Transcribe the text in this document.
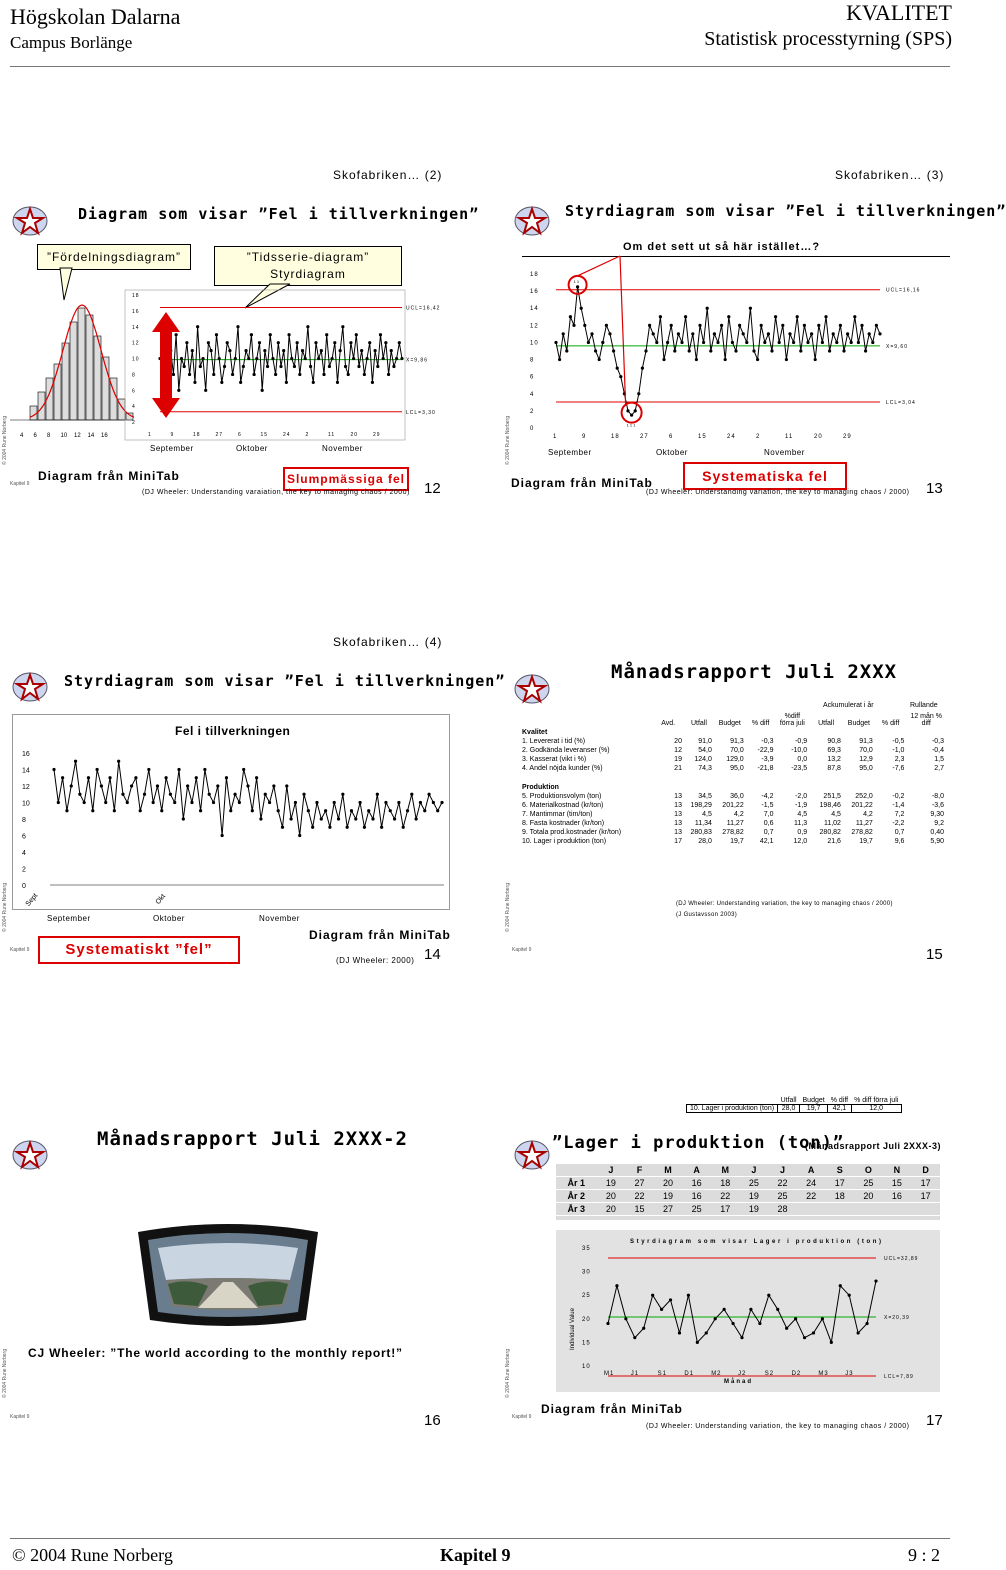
Högskolan Dalarna
Campus Borlänge
KVALITET
Statistisk processtyrning (SPS)
Skofabriken… (2)
Diagram som visar ”Fel i tillverkningen”
”Fördelningsdiagram”	”Tidsserie-diagram”
Styrdiagram
4 6 8 10 12 14 16
18
16
14
12
10
8
6
4
2
1	9	18	27	6	15	24	2	11	20	29
UCL=16,42
X=9,86
LCL=3,30
September	Oktober	November
© 2004 Rune Norberg
Kapitel 9
Diagram från MiniTab	Slumpmässiga fel
(DJ Wheeler: Understanding varaiation, the key to managing chaos / 2000) 12
Skofabriken… (3)
Styrdiagram som visar ”Fel i tillverkningen”
Om det sett ut så här istället…?
18
16
14
12
10
8
6
4
2
0
1	9	18	27	6	15	24	2	11	20	29
UCL=16,16
X=9,60
LCL=3,04
1 1
1 1 1
September	Oktober	November
© 2004 Rune Norberg
Diagram från MiniTab	Systematiska fel
(DJ Wheeler: Understanding variation, the key to managing chaos / 2000) 13
Skofabriken… (4)
Styrdiagram som visar ”Fel i tillverkningen”
Fel i tillverkningen
16
14
12
10
8
6
4
2
0
Sept	Okt
September	Oktober	November
© 2004 Rune Norberg
Kapitel 9
Diagram från MiniTab
Systematiskt ”fel”
(DJ Wheeler: 2000) 14
Månadsrapport Juli 2XXX
Ackumulerat i år	Rullande
	Avd.	Utfall	Budget	% diff	%diff förra juli	Utfall	Budget	% diff	12 mån % diff
Kvalitet									
1. Levererat i tid (%)	20	91,0	91,3	-0,3	-0,9	90,8	91,3	-0,5	-0,3
2. Godkända leveranser (%)	12	54,0	70,0	-22,9	-10,0	69,3	70,0	-1,0	-0,4
3. Kasserat (vikt i %)	19	124,0	129,0	-3,9	0,0	13,2	12,9	2,3	1,5
4. Andel nöjda kunder (%)	21	74,3	95,0	-21,8	-23,5	87,8	95,0	-7,6	2,7

Produktion									
5. Produktionsvolym (ton)	13	34,5	36,0	-4,2	-2,0	251,5	252,0	-0,2	-8,0
6. Materialkostnad (kr/ton)	13	198,29	201,22	-1,5	-1,9	198,46	201,22	-1,4	-3,6
7. Mantimmar (tim/ton)	13	4,5	4,2	7,0	4,5	4,5	4,2	7,2	9,30
8. Fasta kostnader (kr/ton)	13	11,34	11,27	0,6	11,3	11,02	11,27	-2,2	9,2
9. Totala prod.kostnader (kr/ton)	13	280,83	278,82	0,7	0,9	280,82	278,82	0,7	0,40
10. Lager i produktion (ton)	17	28,0	19,7	42,1	12,0	21,6	19,7	9,6	5,90
(DJ Wheeler: Understanding variation, the key to managing chaos / 2000)
(J Gustavsson 2003)
© 2004 Rune Norberg
Kapitel 9	15
Månadsrapport Juli 2XXX-2
CJ Wheeler: ”The world according to the monthly report!”
© 2004 Rune Norberg
Kapitel 9	16
	Utfall	Budget	% diff	% diff förra juli
10. Lager i produktion (ton)	28,0	19,7	42,1	12,0
”Lager i produktion (ton)”
(Månadsrapport Juli 2XXX-3)
	J	F	M	A	M	J	J	A	S	O	N	D
År 1	19	27	20	16	18	25	22	24	17	25	15	17
År 2	20	22	19	16	22	19	25	22	18	20	16	17
År 3	20	15	27	25	17	19	28					
Styrdiagram som visar Lager i produktion (ton)
35
30
25
20
15
10
M1	J1	S1	D1	M2	J2	S2	D2	M3	J3
Månad
Individual Value
UCL=32,89
X=20,39
LCL=7,89
© 2004 Rune Norberg
Kapitel 9
Diagram från MiniTab
(DJ Wheeler: Understanding variation, the key to managing chaos / 2000) 17
© 2004 Rune Norberg	Kapitel 9	9 : 2
